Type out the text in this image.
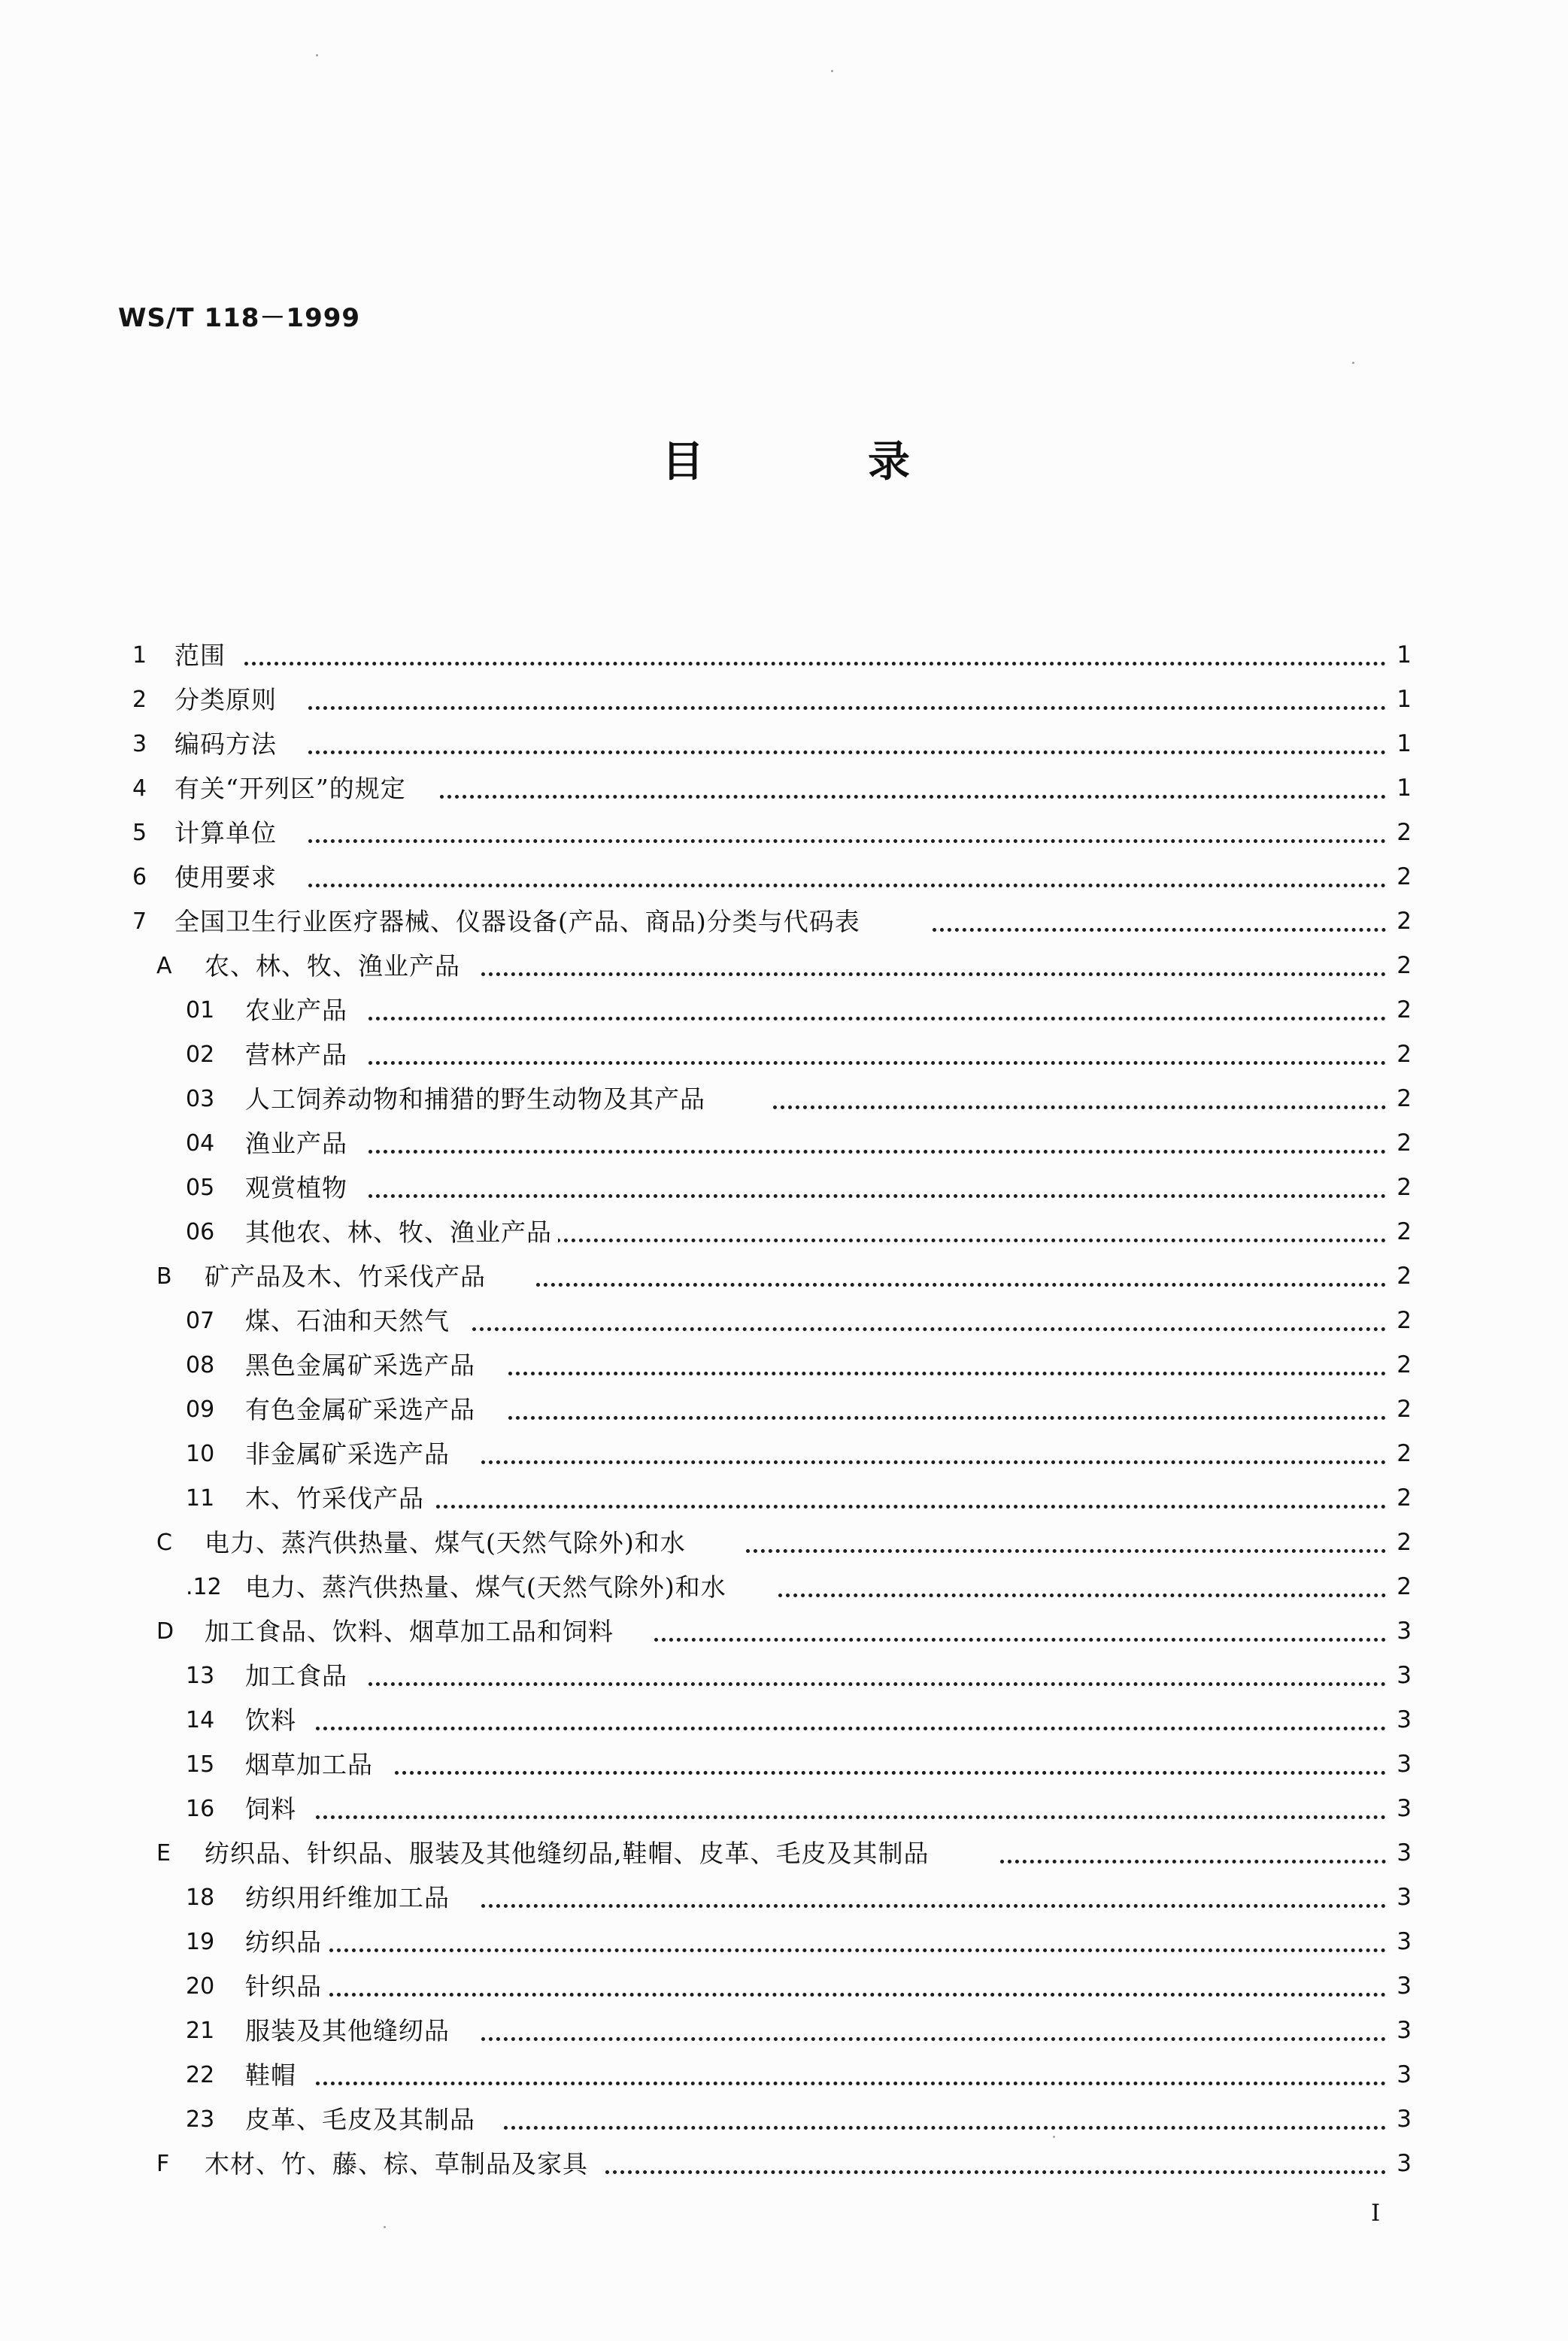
WS/T 118－1999
目	录
1 范围	1
2 分类原则	1
3 编码方法	1
4 有关“开列区”的规定	1
5 计算单位	2
6 使用要求	2
7 全国卫生行业医疗器械、仪器设备(产品、商品)分类与代码表	2
A 农、林、牧、渔业产品	2
01 农业产品	2
02 营林产品	2
03 人工饲养动物和捕猎的野生动物及其产品	2
04 渔业产品	2
05 观赏植物	2
06 其他农、林、牧、渔业产品	2
B 矿产品及木、竹采伐产品	2
07 煤、石油和天然气	2
08 黑色金属矿采选产品	2
09 有色金属矿采选产品	2
10 非金属矿采选产品	2
11 木、竹采伐产品	2
C 电力、蒸汽供热量、煤气(天然气除外)和水	2
.12 电力、蒸汽供热量、煤气(天然气除外)和水	2
D 加工食品、饮料、烟草加工品和饲料	3
13 加工食品	3
14 饮料	3
15 烟草加工品	3
16 饲料	3
E 纺织品、针织品、服装及其他缝纫品,鞋帽、皮革、毛皮及其制品	3
18 纺织用纤维加工品	3
19 纺织品	3
20 针织品	3
21 服装及其他缝纫品	3
22 鞋帽	3
23 皮革、毛皮及其制品	3
F 木材、竹、藤、棕、草制品及家具	3
I
